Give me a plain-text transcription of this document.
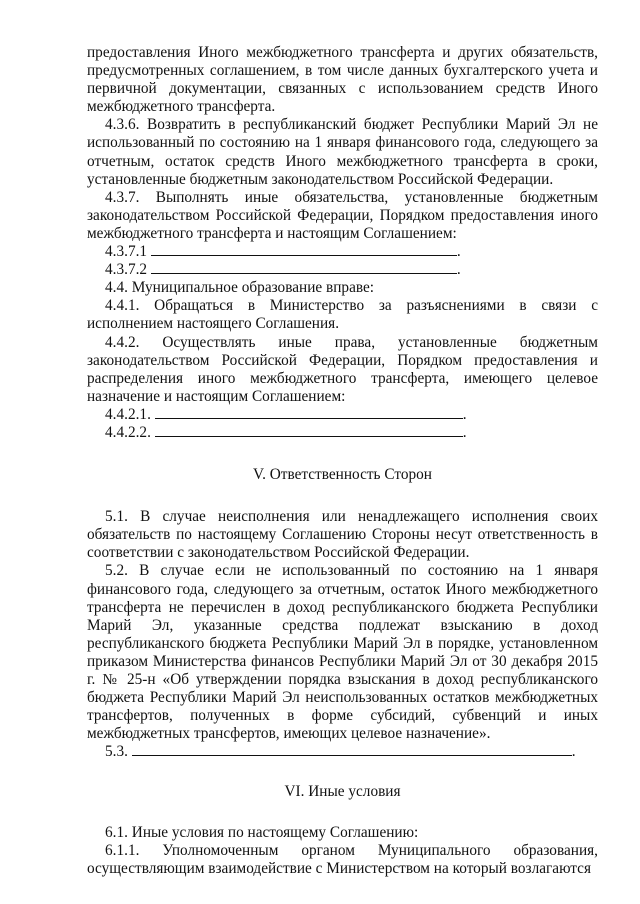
предоставления Иного межбюджетного трансферта и других обязательств, предусмотренных соглашением, в том числе данных бухгалтерского учета и первичной документации, связанных с использованием средств Иного межбюджетного трансферта.

4.3.6. Возвратить в республиканский бюджет Республики Марий Эл не использованный по состоянию на 1 января финансового года, следующего за отчетным, остаток средств Иного межбюджетного трансферта в сроки, установленные бюджетным законодательством Российской Федерации.

4.3.7. Выполнять иные обязательства, установленные бюджетным законодательством Российской Федерации, Порядком предоставления иного межбюджетного трансферта и настоящим Соглашением:

4.3.7.1	.

4.3.7.2	.

4.4. Муниципальное образование вправе:

4.4.1. Обращаться в Министерство за разъяснениями в связи с исполнением настоящего Соглашения.

4.4.2. Осуществлять иные права, установленные бюджетным законодательством Российской Федерации, Порядком предоставления и распределения иного межбюджетного трансферта, имеющего целевое назначение и настоящим Соглашением:

4.4.2.1.	.

4.4.2.2.	.

V. Ответственность Сторон

5.1. В случае неисполнения или ненадлежащего исполнения своих обязательств по настоящему Соглашению Стороны несут ответственность в соответствии с законодательством Российской Федерации.

5.2. В случае если не использованный по состоянию на 1 января финансового года, следующего за отчетным, остаток Иного межбюджетного трансферта не перечислен в доход республиканского бюджета Республики Марий Эл, указанные средства подлежат взысканию в доход республиканского бюджета Республики Марий Эл в порядке, установленном приказом Министерства финансов Республики Марий Эл от 30 декабря 2015 г. № 25-н «Об утверждении порядка взыскания в доход республиканского бюджета Республики Марий Эл неиспользованных остатков межбюджетных трансфертов, полученных в форме субсидий, субвенций и иных межбюджетных трансфертов, имеющих целевое назначение».

5.3.	.

VI. Иные условия

6.1. Иные условия по настоящему Соглашению:

6.1.1. Уполномоченным органом Муниципального образования, осуществляющим взаимодействие с Министерством на который возлагаются
